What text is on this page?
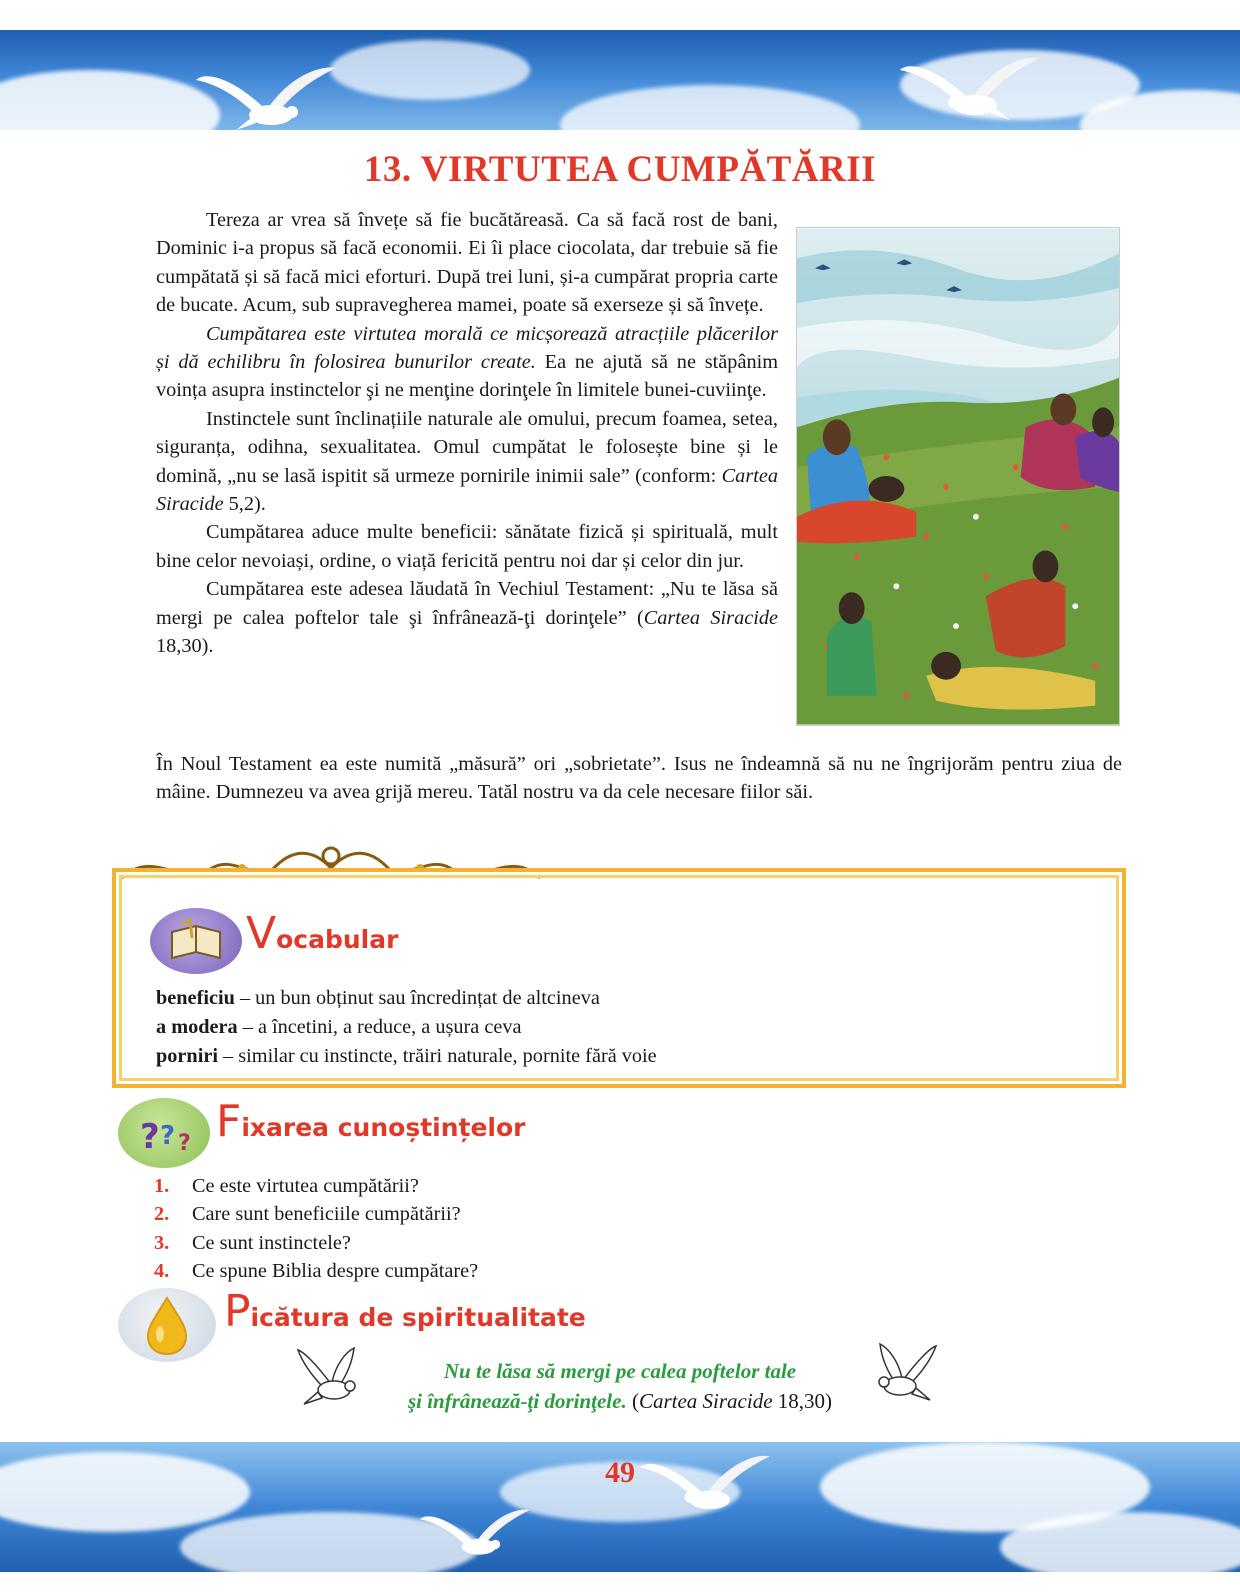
13. VIRTUTEA CUMPĂTĂRII

Tereza ar vrea să învețe să fie bucătăreasă. Ca să facă rost de bani, Dominic i-a propus să facă economii. Ei îi place ciocolata, dar trebuie să fie cumpătată și să facă mici eforturi. După trei luni, și-a cumpărat propria carte de bucate. Acum, sub supravegherea mamei, poate să exerseze și să învețe.

Cumpătarea este virtutea morală ce micșorează atracțiile plăcerilor și dă echilibru în folosirea bunurilor create. Ea ne ajută să ne stăpânim voința asupra instinctelor şi ne menţine dorinţele în limitele bunei-cuviinţe.

Instinctele sunt înclinațiile naturale ale omului, precum foamea, setea, siguranța, odihna, sexualitatea. Omul cumpătat le folosește bine și le domină, „nu se lasă ispitit să urmeze pornirile inimii sale” (conform: Cartea Siracide 5,2).

Cumpătarea aduce multe beneficii: sănătate fizică și spirituală, mult bine celor nevoiași, ordine, o viață fericită pentru noi dar și celor din jur.

Cumpătarea este adesea lăudată în Vechiul Testament: „Nu te lăsa să mergi pe calea poftelor tale şi înfrânează-ţi dorinţele” (Cartea Siracide 18,30).

În Noul Testament ea este numită „măsură” ori „sobrietate”. Isus ne îndeamnă să nu ne îngrijorăm pentru ziua de mâine. Dumnezeu va avea grijă mereu. Tatăl nostru va da cele necesare fiilor săi.

Vocabular
beneficiu – un bun obținut sau încredințat de altcineva
a modera – a încetini, a reduce, a ușura ceva
porniri – similar cu instincte, trăiri naturale, pornite fără voie
? ? ? Fixarea cunoștințelor
1. Ce este virtutea cumpătării?
2. Care sunt beneficiile cumpătării?
3. Ce sunt instinctele?
4. Ce spune Biblia despre cumpătare?
Picătura de spiritualitate
Nu te lăsa să mergi pe calea poftelor tale
şi înfrânează-ţi dorinţele. (Cartea Siracide 18,30)
49
